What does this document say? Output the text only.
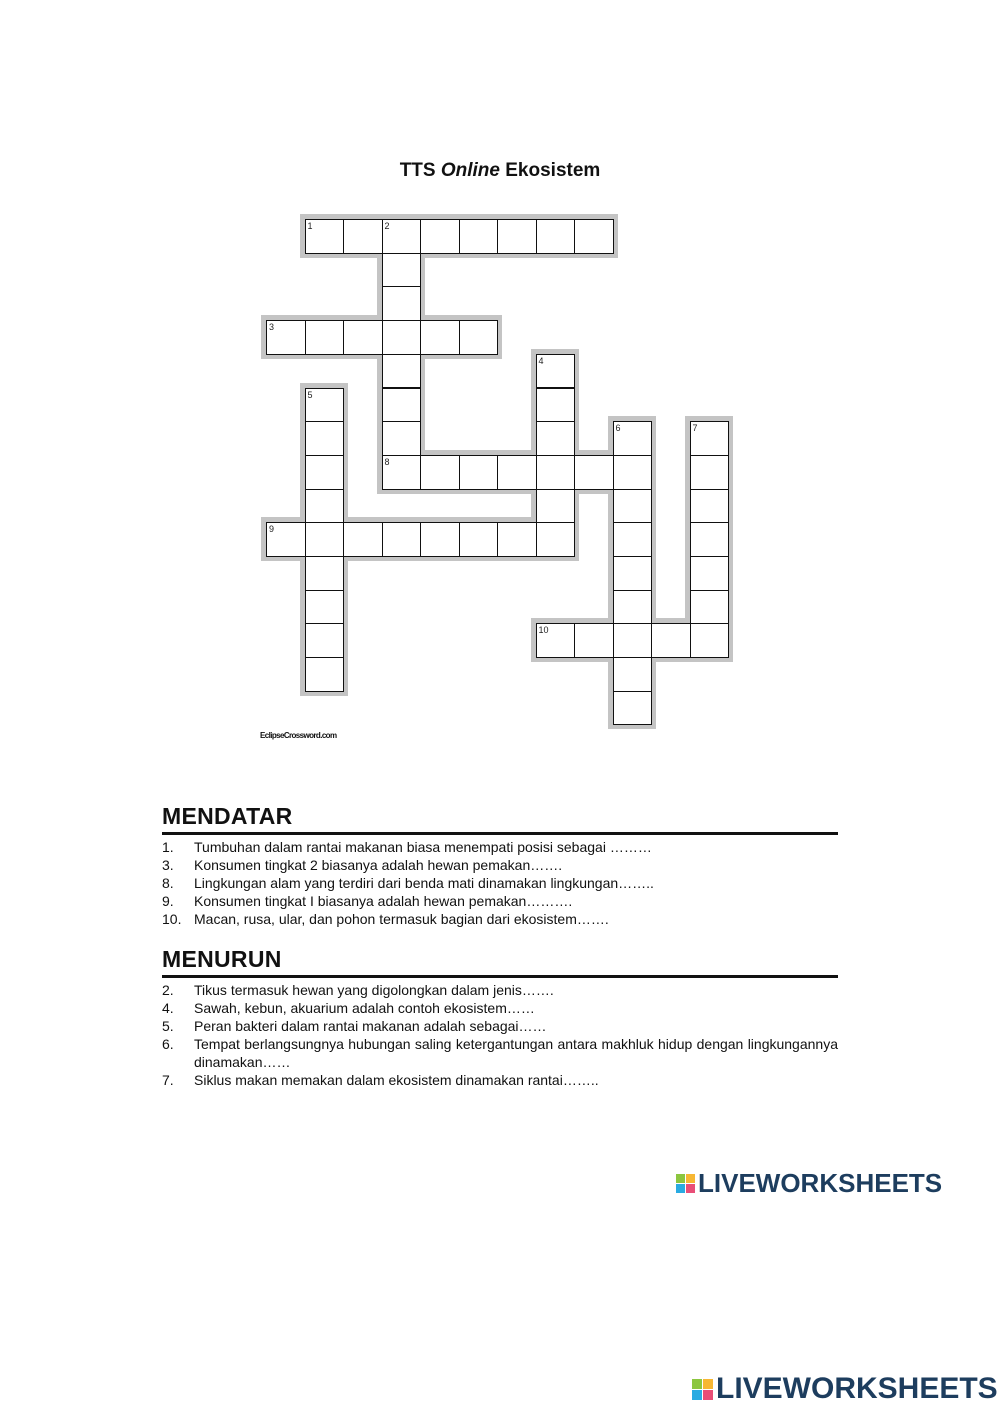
TTS Online Ekosistem
1	2
3
4
5
6	7
8
9
10
EclipseCrossword.com
MENDATAR
1.	Tumbuhan dalam rantai makanan biasa menempati posisi sebagai ………
3.	Konsumen tingkat 2 biasanya adalah hewan pemakan…….
8.	Lingkungan alam yang terdiri dari benda mati dinamakan lingkungan……..
9.	Konsumen tingkat I biasanya adalah hewan pemakan……….
10. Macan, rusa, ular, dan pohon termasuk bagian dari ekosistem…….
MENURUN
2.	Tikus termasuk hewan yang digolongkan dalam jenis…….
4.	Sawah, kebun, akuarium adalah contoh ekosistem……
5.	Peran bakteri dalam rantai makanan adalah sebagai……
6.	Tempat berlangsungnya hubungan saling ketergantungan antara makhluk hidup dengan lingkungannya dinamakan……
7.	Siklus makan memakan dalam ekosistem dinamakan rantai……..
LIVEWORKSHEETS
LIVEWORKSHEETS
